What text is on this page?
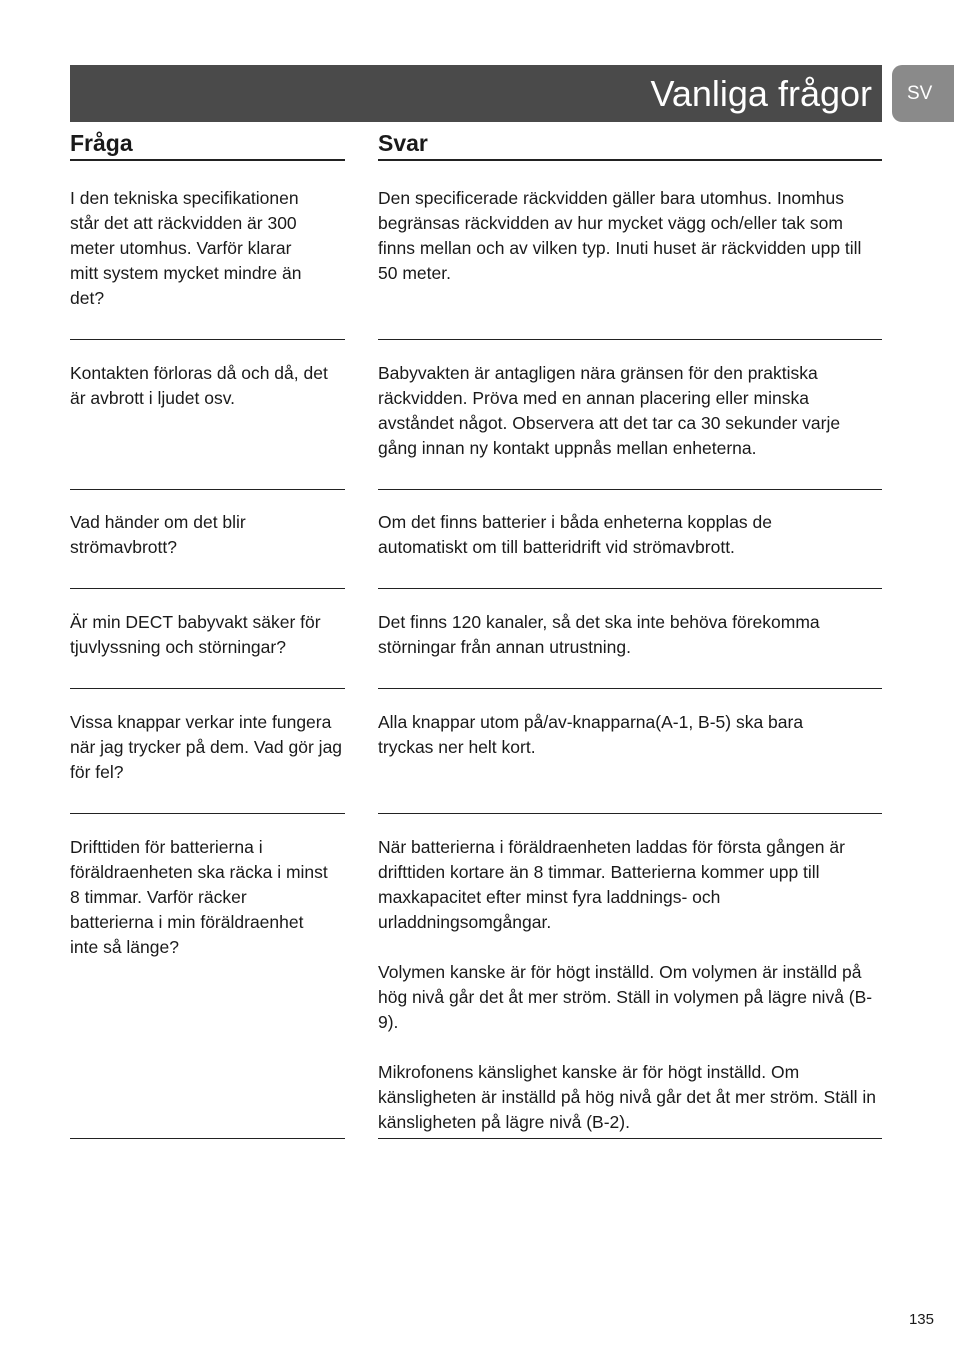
Vanliga frågor	SV
Fråga	Svar
I den tekniska specifikationen står det att räckvidden är 300 meter utomhus. Varför klarar mitt system mycket mindre än det?
Den specificerade räckvidden gäller bara utomhus. Inomhus begränsas räckvidden av hur mycket vägg och/eller tak som finns mellan och av vilken typ. Inuti huset är räckvidden upp till 50 meter.
Kontakten förloras då och då, det är avbrott i ljudet osv.
Babyvakten är antagligen nära gränsen för den praktiska räckvidden. Pröva med en annan placering eller minska avståndet något. Observera att det tar ca 30 sekunder varje gång innan ny kontakt uppnås mellan enheterna.
Vad händer om det blir strömavbrott?
Om det finns batterier i båda enheterna kopplas de automatiskt om till batteridrift vid strömavbrott.
Är min DECT babyvakt säker för tjuvlyssning och störningar?
Det finns 120 kanaler, så det ska inte behöva förekomma störningar från annan utrustning.
Vissa knappar verkar inte fungera när jag trycker på dem. Vad gör jag för fel?
Alla knappar utom på/av-knapparna(A-1, B-5) ska bara tryckas ner helt kort.
Drifttiden för batterierna i föräldraenheten ska räcka i minst 8 timmar. Varför räcker batterierna i min föräldraenhet inte så länge?
När batterierna i föräldraenheten laddas för första gången är drifttiden kortare än 8 timmar. Batterierna kommer upp till maxkapacitet efter minst fyra laddnings- och urladdningsomgångar.
Volymen kanske är för högt inställd. Om volymen är inställd på hög nivå går det åt mer ström. Ställ in volymen på lägre nivå (B-9).
Mikrofonens känslighet kanske är för högt inställd. Om känsligheten är inställd på hög nivå går det åt mer ström. Ställ in känsligheten på lägre nivå (B-2).
135
